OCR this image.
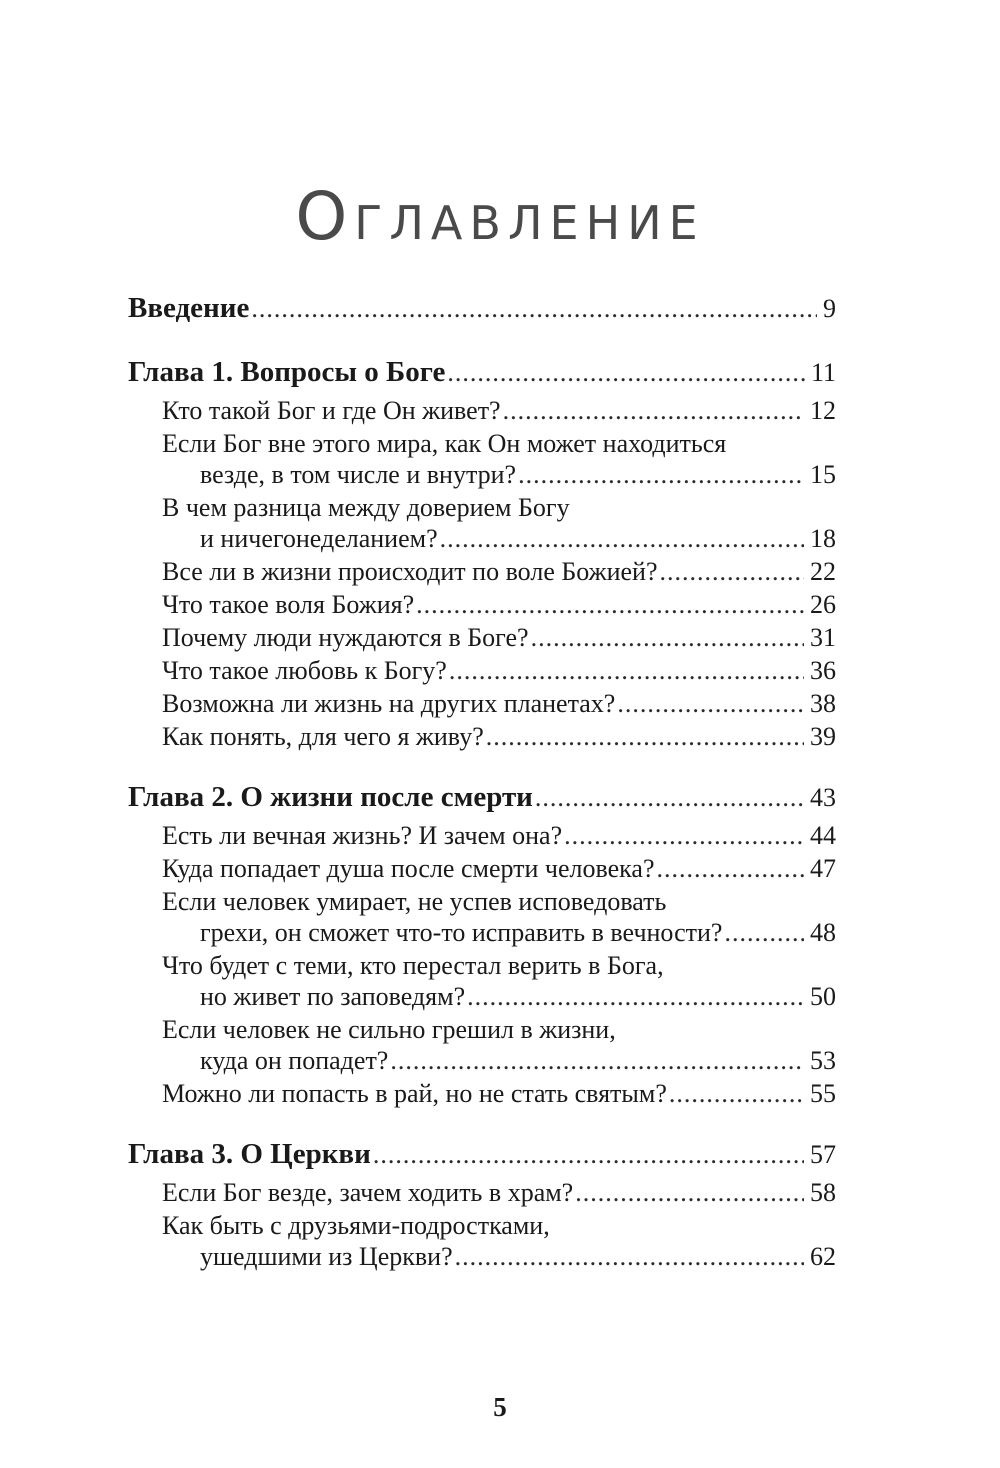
Оглавление
Введение .....	9
Глава 1. Вопросы о Боге .....	11
Кто такой Бог и где Он живет? .....	12
Если Бог вне этого мира, как Он может находиться
везде, в том числе и внутри? .....	15
В чем разница между доверием Богу
и ничегонеделанием? .....	18
Все ли в жизни происходит по воле Божией? .....	22
Что такое воля Божия? .....	26
Почему люди нуждаются в Боге? .....	31
Что такое любовь к Богу? .....	36
Возможна ли жизнь на других планетах? .....	38
Как понять, для чего я живу? .....	39
Глава 2. О жизни после смерти .....	43
Есть ли вечная жизнь? И зачем она? .....	44
Куда попадает душа после смерти человека? .....	47
Если человек умирает, не успев исповедовать
грехи, он сможет что-то исправить в вечности? .....	48
Что будет с теми, кто перестал верить в Бога,
но живет по заповедям? .....	50
Если человек не сильно грешил в жизни,
куда он попадет? .....	53
Можно ли попасть в рай, но не стать святым? .....	55
Глава 3. О Церкви .....	57
Если Бог везде, зачем ходить в храм? .....	58
Как быть с друзьями-подростками,
ушедшими из Церкви? .....	62
5
